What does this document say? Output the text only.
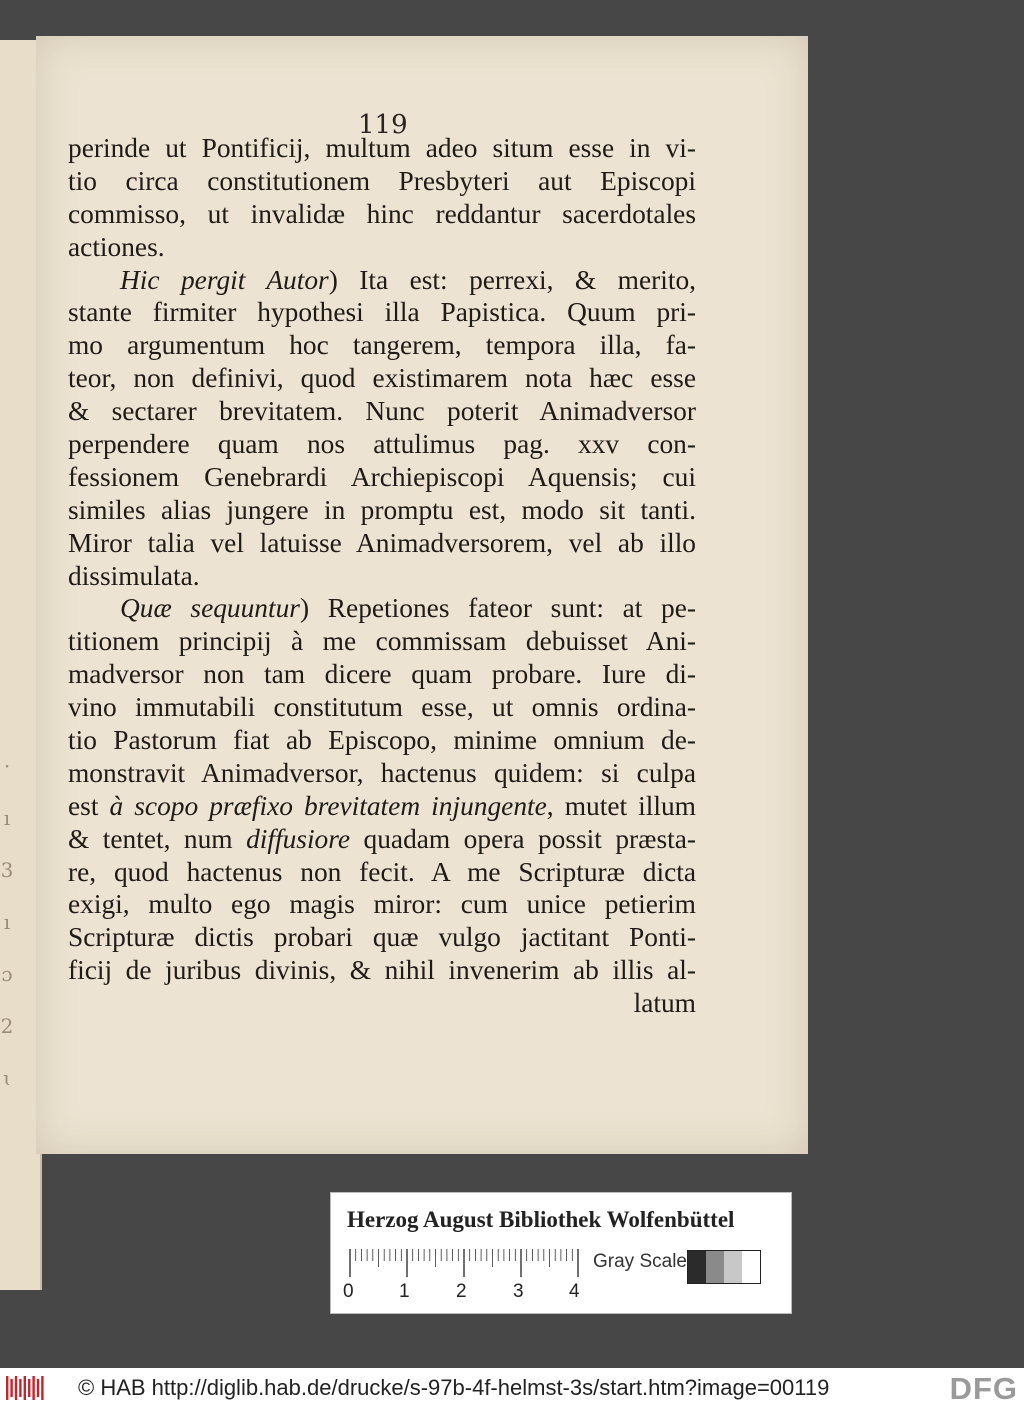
·
ı
3
ı
ɔ
2
ɩ
119
perinde ut Pontificij, multum adeo situm esse in vi-
tio circa constitutionem Presbyteri aut Episcopi
commisso, ut invalidæ hinc reddantur sacerdotales
actiones.
Hic pergit Autor) Ita est: perrexi, & merito,
stante firmiter hypothesi illa Papistica. Quum pri-
mo argumentum hoc tangerem, tempora illa, fa-
teor, non definivi, quod existimarem nota hæc esse
& sectarer brevitatem. Nunc poterit Animadversor
perpendere quam nos attulimus pag. xxv con-
fessionem Genebrardi Archiepiscopi Aquensis; cui
similes alias jungere in promptu est, modo sit tanti.
Miror talia vel latuisse Animadversorem, vel ab illo
dissimulata.
Quæ sequuntur) Repetiones fateor sunt: at pe-
titionem principij à me commissam debuisset Ani-
madversor non tam dicere quam probare. Iure di-
vino immutabili constitutum esse, ut omnis ordina-
tio Pastorum fiat ab Episcopo, minime omnium de-
monstravit Animadversor, hactenus quidem: si culpa
est à scopo præfixo brevitatem injungente, mutet illum
& tentet, num diffusiore quadam opera possit præsta-
re, quod hactenus non fecit. A me Scripturæ dicta
exigi, multo ego magis miror: cum unice petierim
Scripturæ dictis probari quæ vulgo jactitant Ponti-
ficij de juribus divinis, & nihil invenerim ab illis al-
latum
Herzog August Bibliothek Wolfenbüttel
0 1 2 3 4
Gray Scale
© HAB http://diglib.hab.de/drucke/s-97b-4f-helmst-3s/start.htm?image=00119	DFG
